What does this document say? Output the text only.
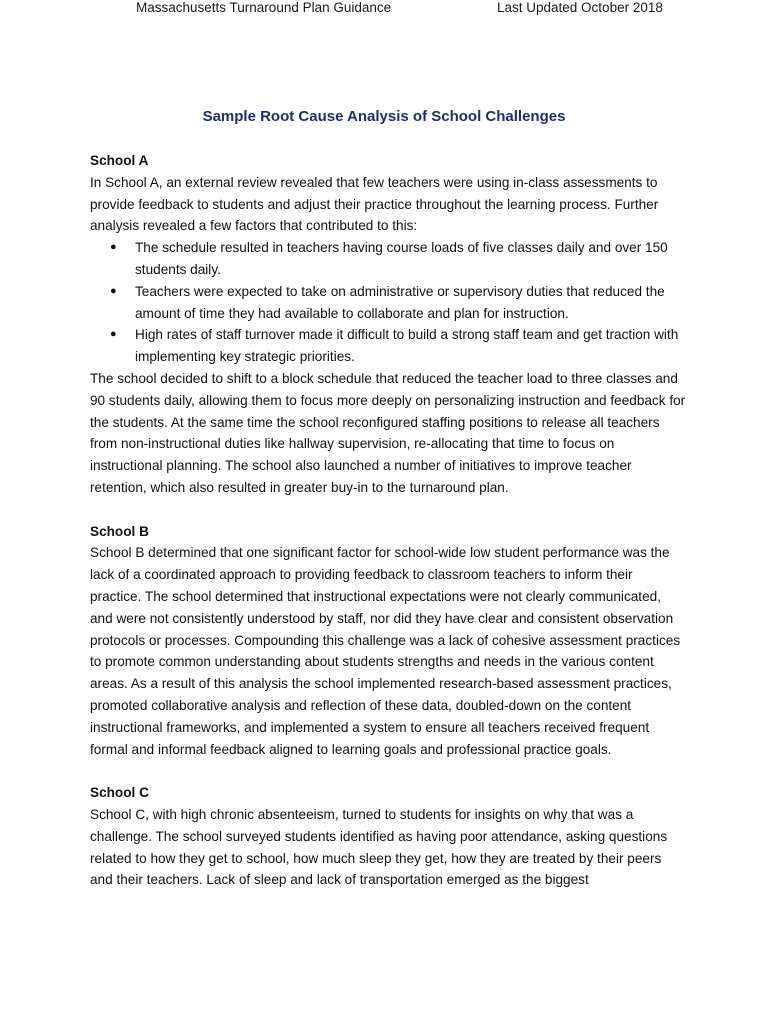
Massachusetts Turnaround Plan Guidance	Last Updated October 2018
Sample Root Cause Analysis of School Challenges

School A

In School A, an external review revealed that few teachers were using in-class assessments to provide feedback to students and adjust their practice throughout the learning process. Further analysis revealed a few factors that contributed to this:

● The schedule resulted in teachers having course loads of five classes daily and over 150 students daily.
● Teachers were expected to take on administrative or supervisory duties that reduced the amount of time they had available to collaborate and plan for instruction.
● High rates of staff turnover made it difficult to build a strong staff team and get traction with implementing key strategic priorities.

The school decided to shift to a block schedule that reduced the teacher load to three classes and 90 students daily, allowing them to focus more deeply on personalizing instruction and feedback for the students. At the same time the school reconfigured staffing positions to release all teachers from non-instructional duties like hallway supervision, re-allocating that time to focus on instructional planning. The school also launched a number of initiatives to improve teacher retention, which also resulted in greater buy-in to the turnaround plan.

School B

School B determined that one significant factor for school-wide low student performance was the lack of a coordinated approach to providing feedback to classroom teachers to inform their practice. The school determined that instructional expectations were not clearly communicated, and were not consistently understood by staff, nor did they have clear and consistent observation protocols or processes. Compounding this challenge was a lack of cohesive assessment practices to promote common understanding about students strengths and needs in the various content areas. As a result of this analysis the school implemented research-based assessment practices, promoted collaborative analysis and reflection of these data, doubled-down on the content instructional frameworks, and implemented a system to ensure all teachers received frequent formal and informal feedback aligned to learning goals and professional practice goals.

School C

School C, with high chronic absenteeism, turned to students for insights on why that was a challenge. The school surveyed students identified as having poor attendance, asking questions related to how they get to school, how much sleep they get, how they are treated by their peers and their teachers. Lack of sleep and lack of transportation emerged as the biggest
